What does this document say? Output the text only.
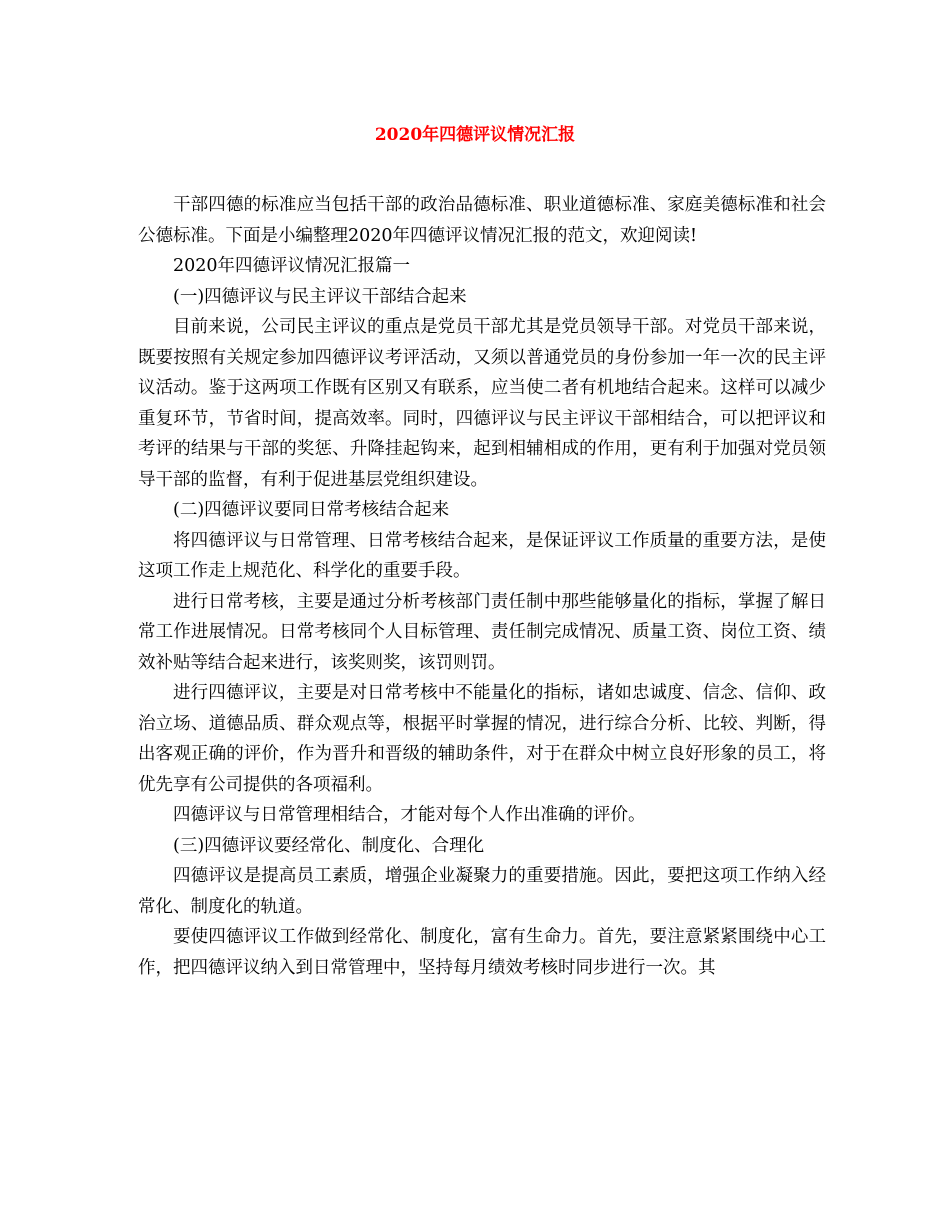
2020年四德评议情况汇报

干部四德的标准应当包括干部的政治品德标准、职业道德标准、家庭美德标准和社会公德标准。下面是小编整理2020年四德评议情况汇报的范文，欢迎阅读!

2020年四德评议情况汇报篇一

(一)四德评议与民主评议干部结合起来

目前来说，公司民主评议的重点是党员干部尤其是党员领导干部。对党员干部来说，既要按照有关规定参加四德评议考评活动，又须以普通党员的身份参加一年一次的民主评议活动。鉴于这两项工作既有区别又有联系，应当使二者有机地结合起来。这样可以减少重复环节，节省时间，提高效率。同时，四德评议与民主评议干部相结合，可以把评议和考评的结果与干部的奖惩、升降挂起钩来，起到相辅相成的作用，更有利于加强对党员领导干部的监督，有利于促进基层党组织建设。

(二)四德评议要同日常考核结合起来

将四德评议与日常管理、日常考核结合起来，是保证评议工作质量的重要方法，是使这项工作走上规范化、科学化的重要手段。

进行日常考核，主要是通过分析考核部门责任制中那些能够量化的指标，掌握了解日常工作进展情况。日常考核同个人目标管理、责任制完成情况、质量工资、岗位工资、绩效补贴等结合起来进行，该奖则奖，该罚则罚。

进行四德评议，主要是对日常考核中不能量化的指标，诸如忠诚度、信念、信仰、政治立场、道德品质、群众观点等，根据平时掌握的情况，进行综合分析、比较、判断，得出客观正确的评价，作为晋升和晋级的辅助条件，对于在群众中树立良好形象的员工，将优先享有公司提供的各项福利。

四德评议与日常管理相结合，才能对每个人作出准确的评价。

(三)四德评议要经常化、制度化、合理化

四德评议是提高员工素质，增强企业凝聚力的重要措施。因此，要把这项工作纳入经常化、制度化的轨道。

要使四德评议工作做到经常化、制度化，富有生命力。首先，要注意紧紧围绕中心工作，把四德评议纳入到日常管理中，坚持每月绩效考核时同步进行一次。其
